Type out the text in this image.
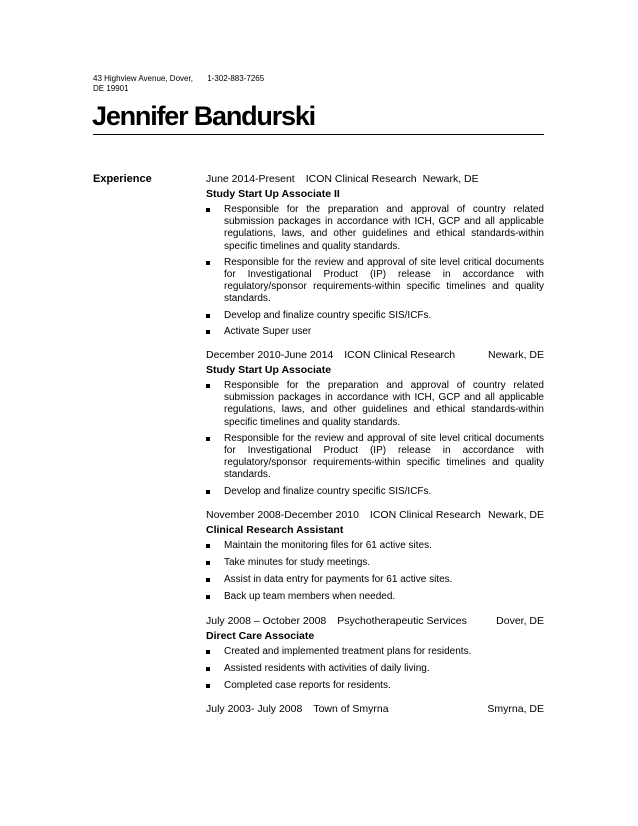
43 Highview Avenue, Dover, DE 19901 1-302-883-7265
Jennifer Bandurski
Experience	June 2014-Present ICON Clinical Research Newark, DE
Study Start Up Associate II
Responsible for the preparation and approval of country related submission packages in accordance with ICH, GCP and all applicable regulations, laws, and other guidelines and ethical standards-within specific timelines and quality standards.
Responsible for the review and approval of site level critical documents for Investigational Product (IP) release in accordance with regulatory/sponsor requirements-within specific timelines and quality standards.
Develop and finalize country specific SIS/ICFs.
Activate Super user
December 2010-June 2014 ICON Clinical Research	Newark, DE
Study Start Up Associate
Responsible for the preparation and approval of country related submission packages in accordance with ICH, GCP and all applicable regulations, laws, and other guidelines and ethical standards-within specific timelines and quality standards.
Responsible for the review and approval of site level critical documents for Investigational Product (IP) release in accordance with regulatory/sponsor requirements-within specific timelines and quality standards.
Develop and finalize country specific SIS/ICFs.
November 2008-December 2010 ICON Clinical Research Newark, DE
Clinical Research Assistant
Maintain the monitoring files for 61 active sites.
Take minutes for study meetings.
Assist in data entry for payments for 61 active sites.
Back up team members when needed.
July 2008 – October 2008 Psychotherapeutic Services	Dover, DE
Direct Care Associate
Created and implemented treatment plans for residents.
Assisted residents with activities of daily living.
Completed case reports for residents.
July 2003- July 2008 Town of Smyrna	Smyrna, DE
